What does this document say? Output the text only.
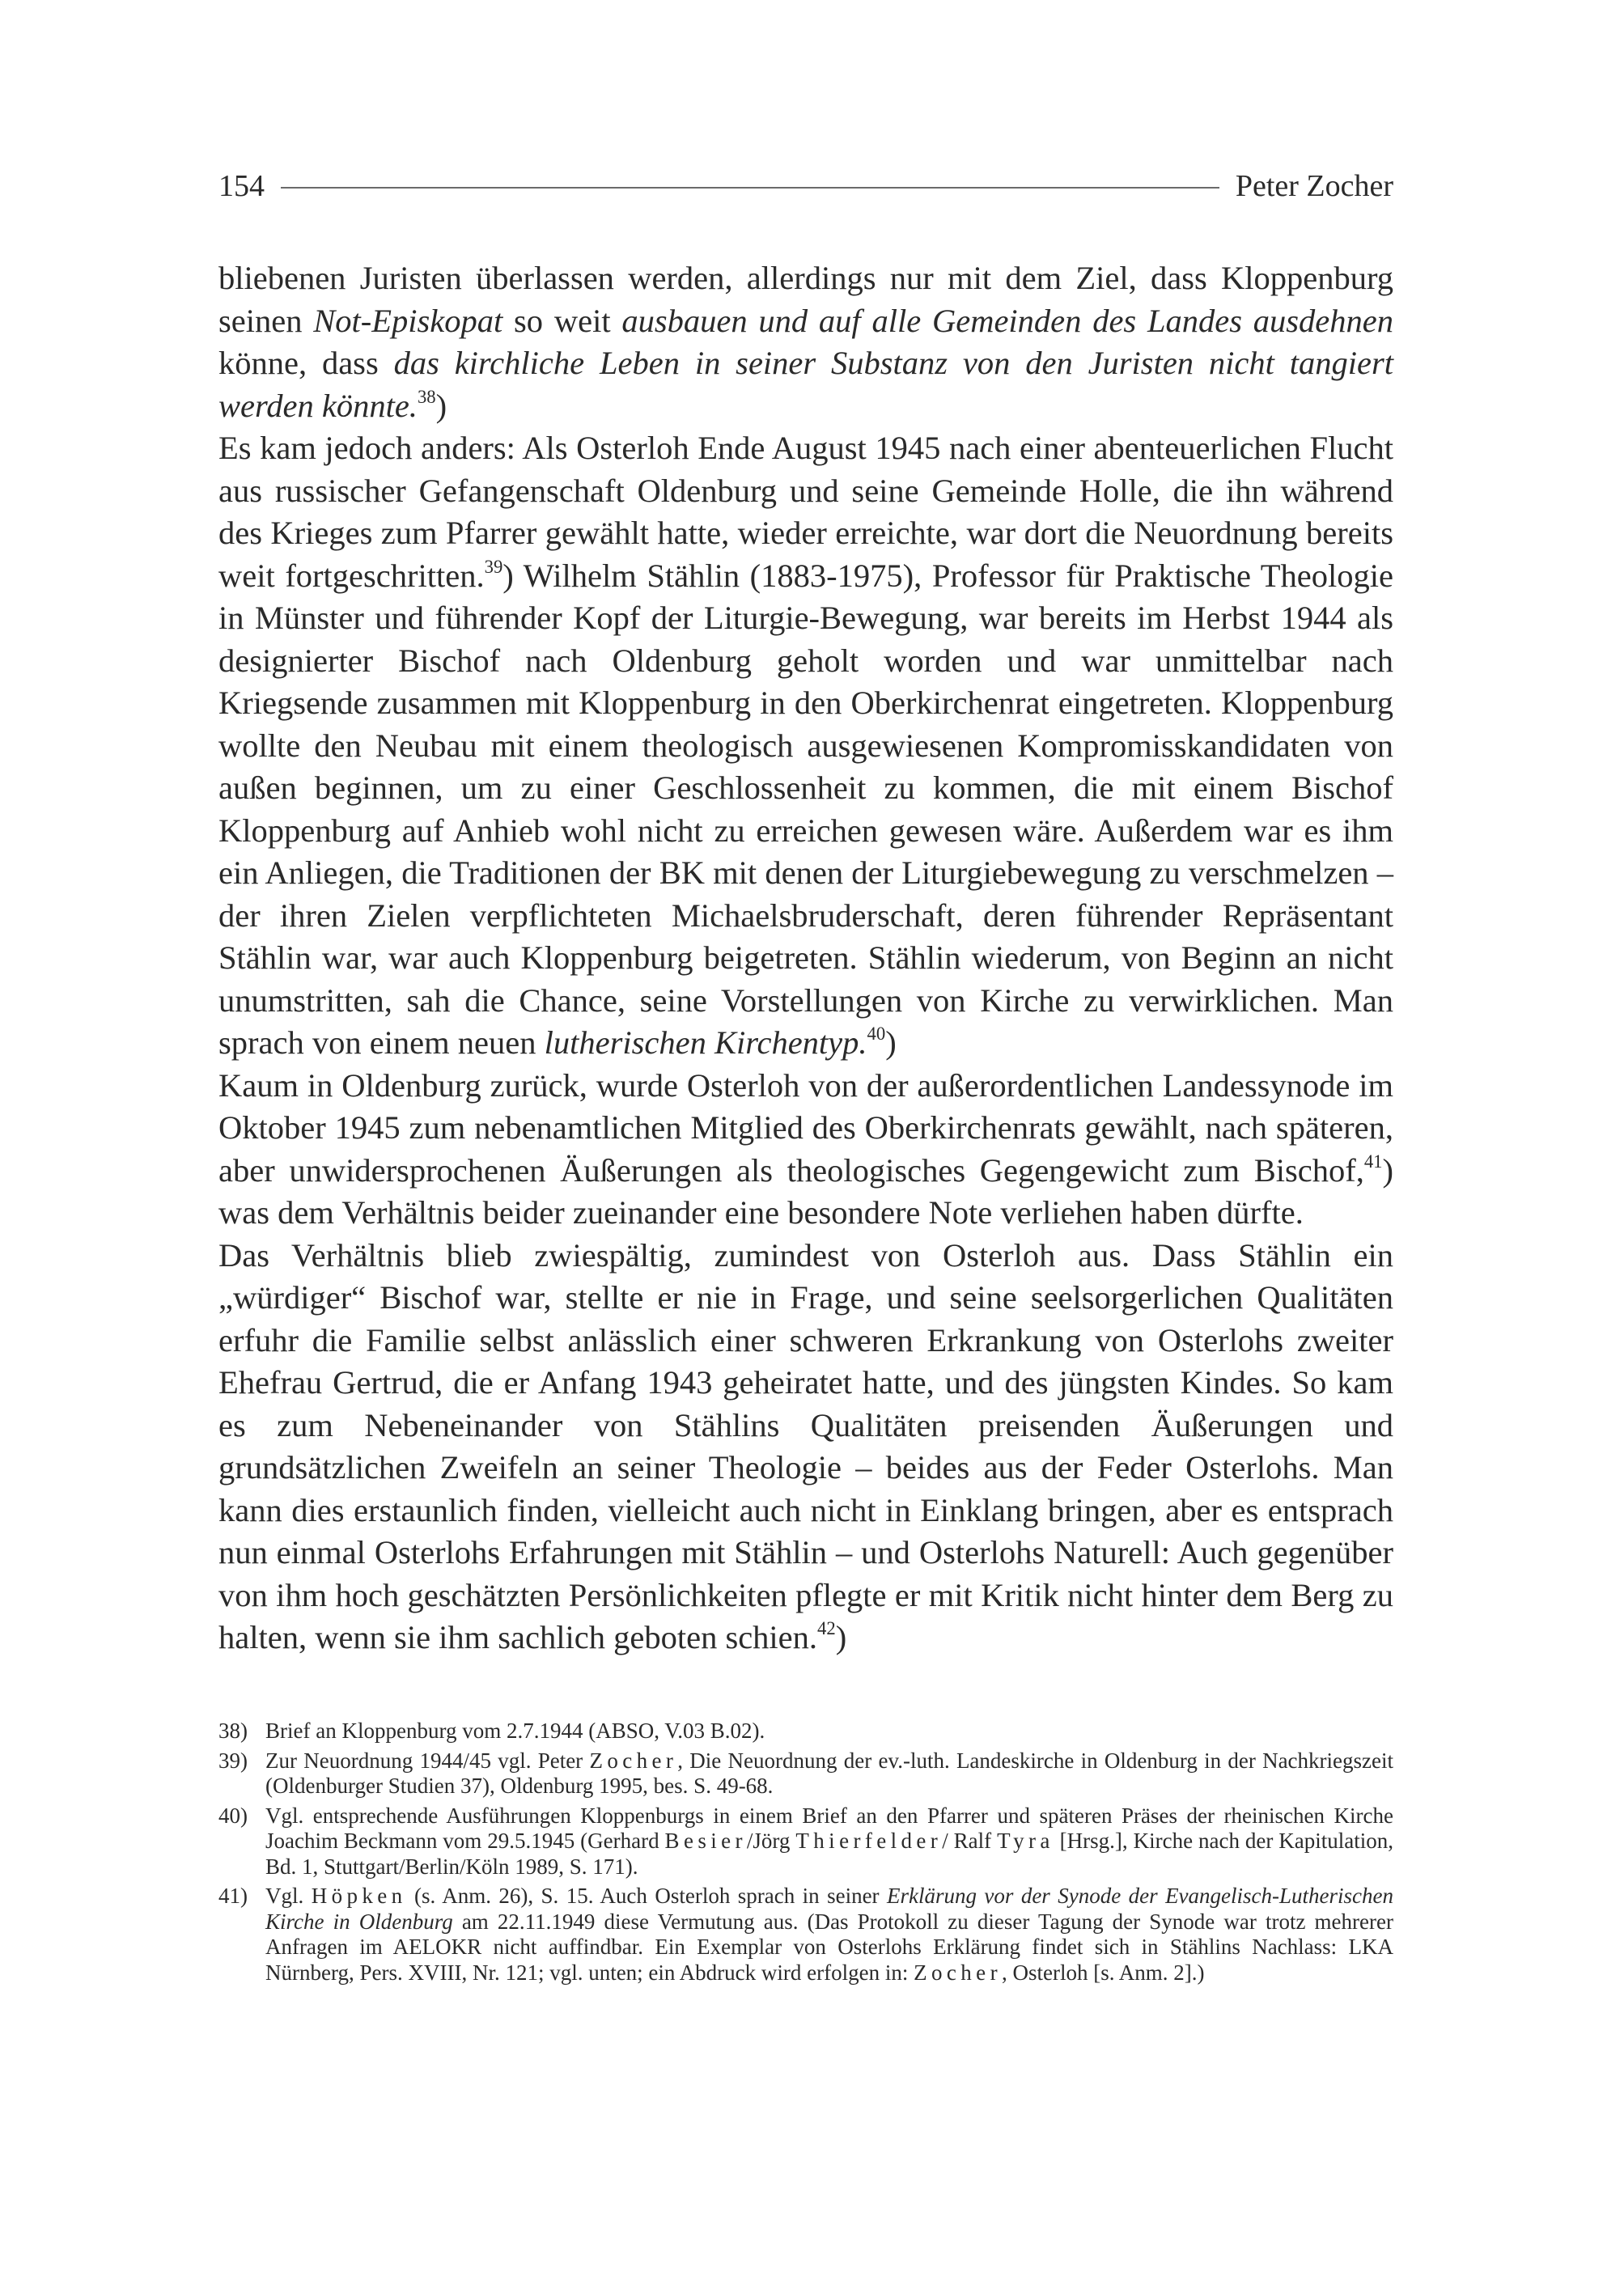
154	Peter Zocher

bliebenen Juristen überlassen werden, allerdings nur mit dem Ziel, dass Kloppenburg seinen Not-Episkopat so weit ausbauen und auf alle Gemeinden des Landes ausdehnen könne, dass das kirchliche Leben in seiner Substanz von den Juristen nicht tangiert werden könnte.$^{38}$)

Es kam jedoch anders: Als Osterloh Ende August 1945 nach einer abenteuerlichen Flucht aus russischer Gefangenschaft Oldenburg und seine Gemeinde Holle, die ihn während des Krieges zum Pfarrer gewählt hatte, wieder erreichte, war dort die Neuordnung bereits weit fortgeschritten.$^{39}$) Wilhelm Stählin (1883-1975), Professor für Praktische Theologie in Münster und führender Kopf der Liturgie-Bewegung, war bereits im Herbst 1944 als designierter Bischof nach Oldenburg geholt worden und war unmittelbar nach Kriegsende zusammen mit Kloppenburg in den Oberkirchenrat eingetreten. Kloppenburg wollte den Neubau mit einem theologisch ausgewiesenen Kompromisskandidaten von außen beginnen, um zu einer Geschlossenheit zu kommen, die mit einem Bischof Kloppenburg auf Anhieb wohl nicht zu erreichen gewesen wäre. Außerdem war es ihm ein Anliegen, die Traditionen der BK mit denen der Liturgiebewegung zu verschmelzen – der ihren Zielen verpflichteten Michaelsbruderschaft, deren führender Repräsentant Stählin war, war auch Kloppenburg beigetreten. Stählin wiederum, von Beginn an nicht unumstritten, sah die Chance, seine Vorstellungen von Kirche zu verwirklichen. Man sprach von einem neuen lutherischen Kirchentyp.$^{40}$)

Kaum in Oldenburg zurück, wurde Osterloh von der außerordentlichen Landessynode im Oktober 1945 zum nebenamtlichen Mitglied des Oberkirchenrats gewählt, nach späteren, aber unwidersprochenen Äußerungen als theologisches Gegengewicht zum Bischof,$^{41}$) was dem Verhältnis beider zueinander eine besondere Note verliehen haben dürfte.

Das Verhältnis blieb zwiespältig, zumindest von Osterloh aus. Dass Stählin ein „würdiger“ Bischof war, stellte er nie in Frage, und seine seelsorgerlichen Qualitäten erfuhr die Familie selbst anlässlich einer schweren Erkrankung von Osterlohs zweiter Ehefrau Gertrud, die er Anfang 1943 geheiratet hatte, und des jüngsten Kindes. So kam es zum Nebeneinander von Stählins Qualitäten preisenden Äußerungen und grundsätzlichen Zweifeln an seiner Theologie – beides aus der Feder Osterlohs. Man kann dies erstaunlich finden, vielleicht auch nicht in Einklang bringen, aber es entsprach nun einmal Osterlohs Erfahrungen mit Stählin – und Osterlohs Naturell: Auch gegenüber von ihm hoch geschätzten Persönlichkeiten pflegte er mit Kritik nicht hinter dem Berg zu halten, wenn sie ihm sachlich geboten schien.$^{42}$)

38) Brief an Kloppenburg vom 2.7.1944 (ABSO, V.03 B.02).
39) Zur Neuordnung 1944/45 vgl. Peter Zocher, Die Neuordnung der ev.-luth. Landeskirche in Oldenburg in der Nachkriegszeit (Oldenburger Studien 37), Oldenburg 1995, bes. S. 49-68.
40) Vgl. entsprechende Ausführungen Kloppenburgs in einem Brief an den Pfarrer und späteren Präses der rheinischen Kirche Joachim Beckmann vom 29.5.1945 (Gerhard Besier/Jörg Thierfelder/ Ralf Tyra [Hrsg.], Kirche nach der Kapitulation, Bd. 1, Stuttgart/Berlin/Köln 1989, S. 171).
41) Vgl. Höpken (s. Anm. 26), S. 15. Auch Osterloh sprach in seiner Erklärung vor der Synode der Evangelisch-Lutherischen Kirche in Oldenburg am 22.11.1949 diese Vermutung aus. (Das Protokoll zu dieser Tagung der Synode war trotz mehrerer Anfragen im AELOKR nicht auffindbar. Ein Exemplar von Osterlohs Erklärung findet sich in Stählins Nachlass: LKA Nürnberg, Pers. XVIII, Nr. 121; vgl. unten; ein Abdruck wird erfolgen in: Zocher, Osterloh [s. Anm. 2].)
